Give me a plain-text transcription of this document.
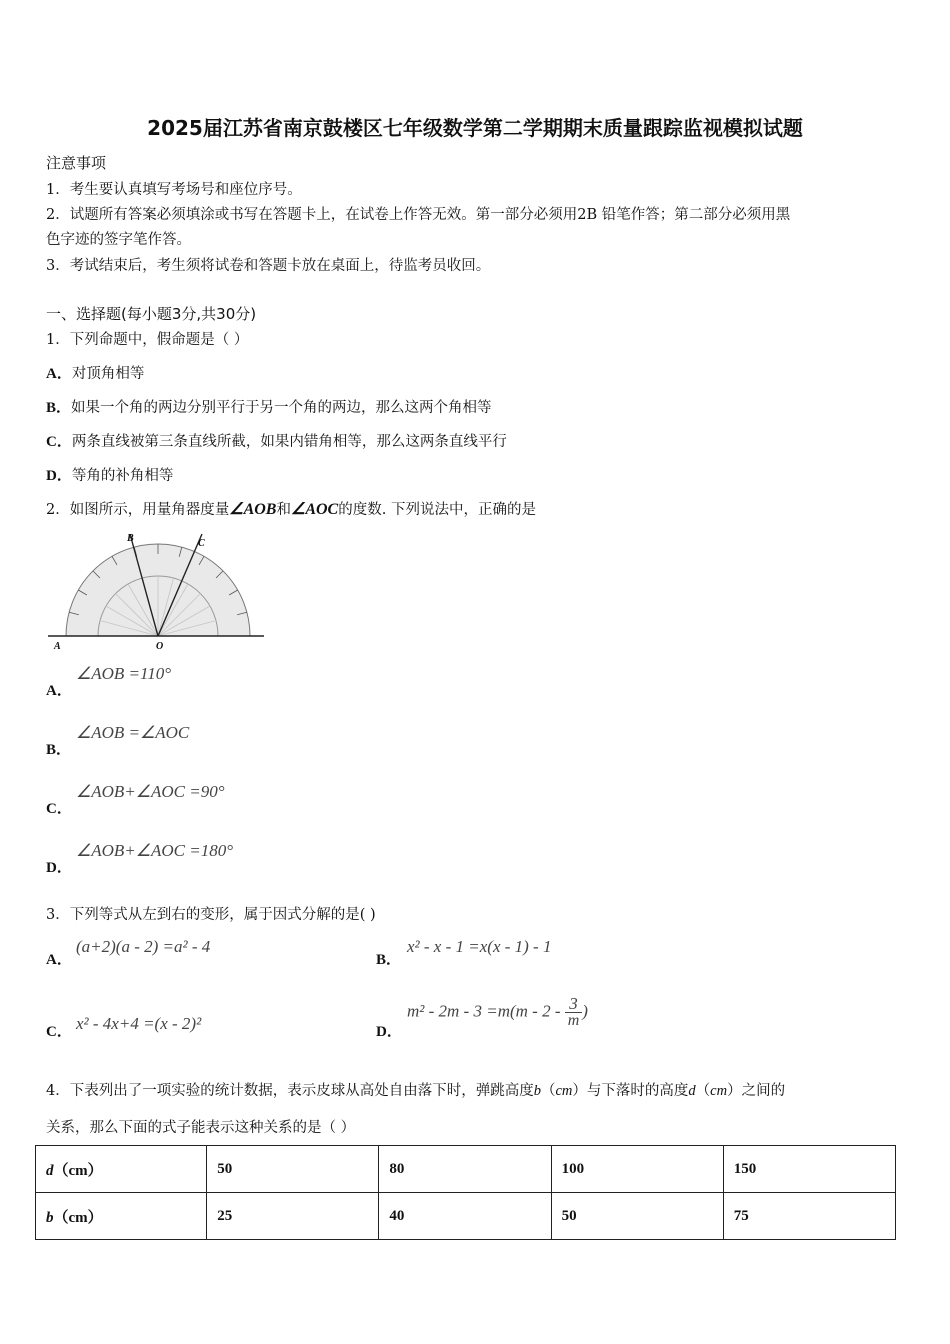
2025届江苏省南京鼓楼区七年级数学第二学期期末质量跟踪监视模拟试题
注意事项
1．考生要认真填写考场号和座位序号。
2．试题所有答案必须填涂或书写在答题卡上，在试卷上作答无效。第一部分必须用2B 铅笔作答；第二部分必须用黑
色字迹的签字笔作答。
3．考试结束后，考生须将试卷和答题卡放在桌面上，待监考员收回。
一、选择题(每小题3分,共30分)
1．下列命题中，假命题是（ ）
A．对顶角相等
B．如果一个角的两边分别平行于另一个角的两边，那么这两个角相等
C．两条直线被第三条直线所截，如果内错角相等，那么这两条直线平行
D．等角的补角相等
2．如图所示，用量角器度量∠AOB和∠AOC的度数. 下列说法中，正确的是
A	O
B	C
A．
∠AOB =110°
B．
∠AOB =∠AOC
C．
∠AOB+∠AOC =90°
D．
∠AOB+∠AOC =180°
3．下列等式从左到右的变形，属于因式分解的是( )
A．
(a+2)(a - 2) =a² - 4
B．
x² - x - 1 =x(x - 1) - 1
C． x² - 4x+4 =(x - 2)²	D．
$m^2 - 2m - 3 =m(m - 2 - \frac{3}{m}$ )
4．下表列出了一项实验的统计数据，表示皮球从高处自由落下时，弹跳高度b（cm）与下落时的高度d（cm）之间的
关系，那么下面的式子能表示这种关系的是（ ）
d（cm）	50	80	100	150
b（cm）	25	40	50	75
